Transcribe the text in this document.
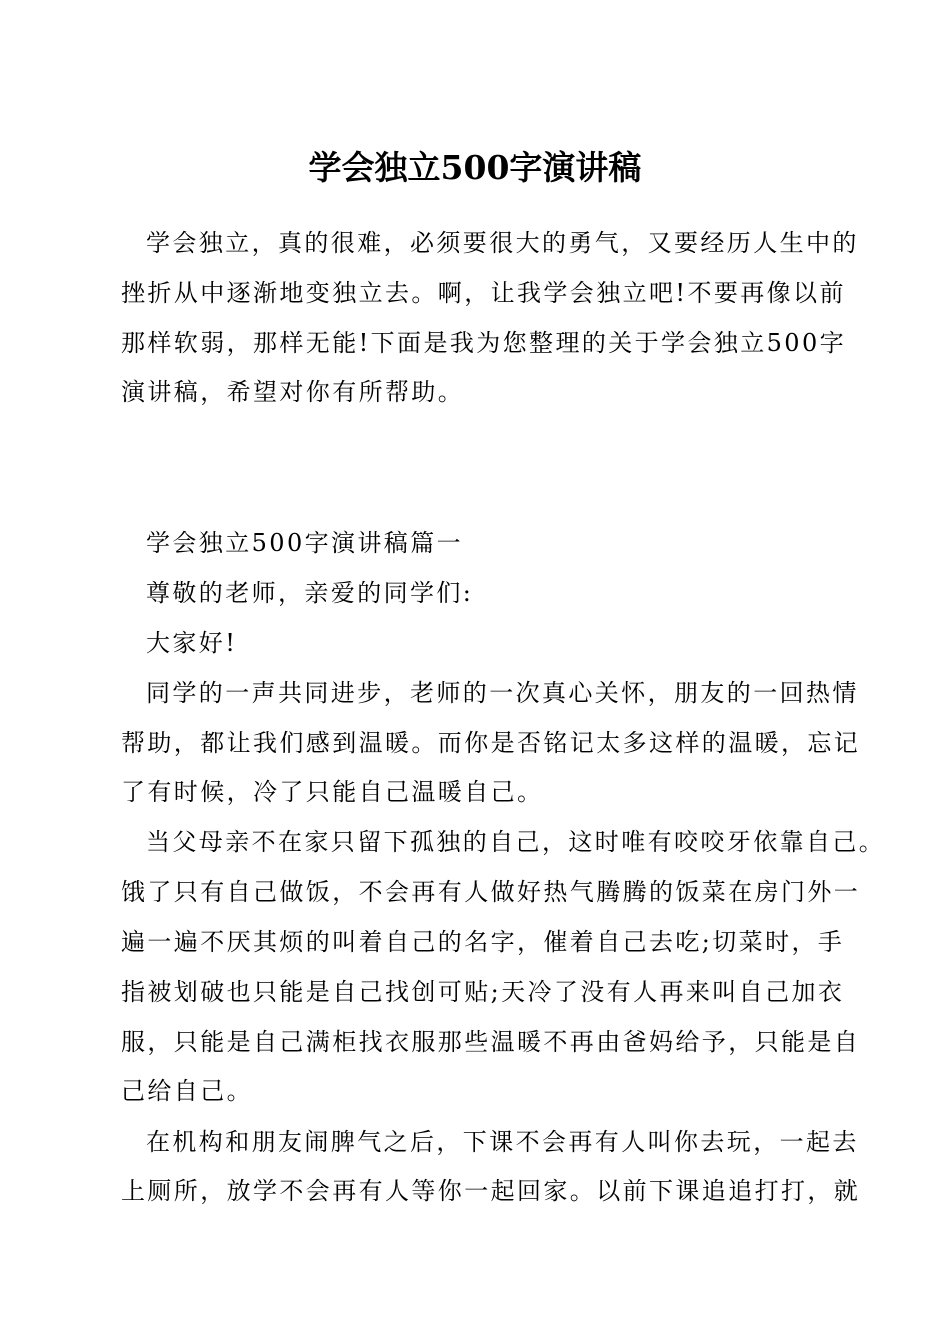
学会独立500字演讲稿
学会独立，真的很难，必须要很大的勇气，又要经历人生中的
挫折从中逐渐地变独立去。啊，让我学会独立吧!不要再像以前
那样软弱，那样无能!下面是我为您整理的关于学会独立500字
演讲稿，希望对你有所帮助。
学会独立500字演讲稿篇一
尊敬的老师，亲爱的同学们:
大家好!
同学的一声共同进步，老师的一次真心关怀，朋友的一回热情
帮助，都让我们感到温暖。而你是否铭记太多这样的温暖，忘记
了有时候，冷了只能自己温暖自己。
当父母亲不在家只留下孤独的自己，这时唯有咬咬牙依靠自己。
饿了只有自己做饭，不会再有人做好热气腾腾的饭菜在房门外一
遍一遍不厌其烦的叫着自己的名字，催着自己去吃;切菜时，手
指被划破也只能是自己找创可贴;天冷了没有人再来叫自己加衣
服，只能是自己满柜找衣服那些温暖不再由爸妈给予，只能是自
己给自己。
在机构和朋友闹脾气之后，下课不会再有人叫你去玩，一起去
上厕所，放学不会再有人等你一起回家。以前下课追追打打，就
